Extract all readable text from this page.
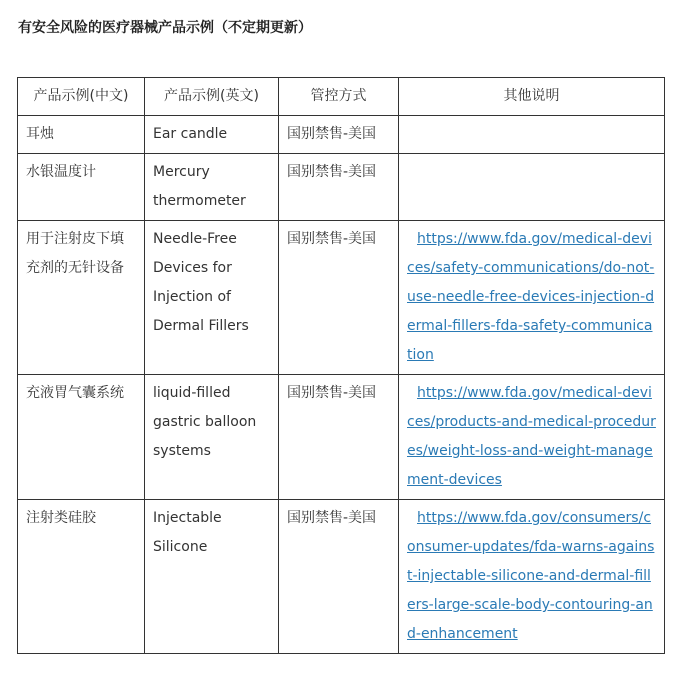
有安全风险的医疗器械产品示例（不定期更新）
产品示例(中文)	产品示例(英文)	管控方式	其他说明
耳烛	Ear candle	国别禁售-美国	
水银温度计	Mercury thermometer	国别禁售-美国	
用于注射皮下填充剂的无针设备	Needle-Free Devices for Injection of Dermal Fillers	国别禁售-美国	https://www.fda.gov/medical-devices/safety-communications/do-not-use-needle-free-devices-injection-dermal-fillers-fda-safety-communication
充液胃气囊系统	liquid-filled gastric balloon systems	国别禁售-美国	https://www.fda.gov/medical-devices/products-and-medical-procedures/weight-loss-and-weight-management-devices
注射类硅胶	Injectable Silicone	国别禁售-美国	https://www.fda.gov/consumers/consumer-updates/fda-warns-against-injectable-silicone-and-dermal-fillers-large-scale-body-contouring-and-enhancement
